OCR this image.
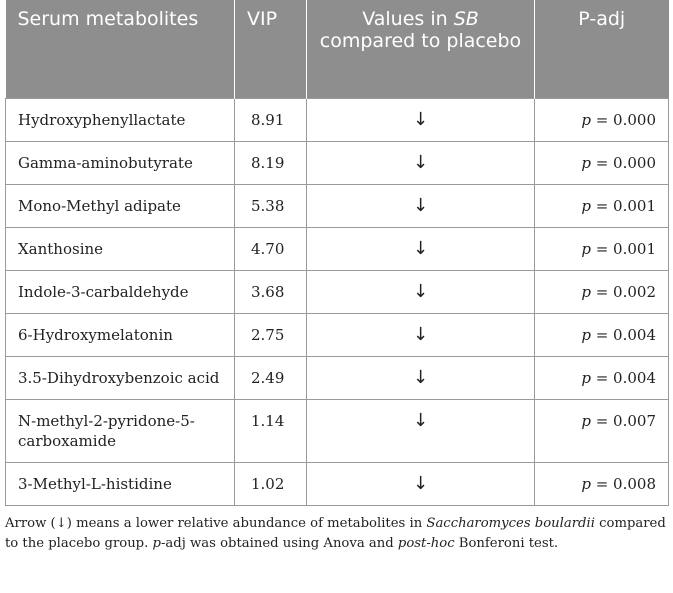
Serum metabolites	VIP	Values in SB compared to placebo	P-adj
Hydroxyphenyllactate	8.91	↓	p = 0.000
Gamma-aminobutyrate	8.19	↓	p = 0.000
Mono-Methyl adipate	5.38	↓	p = 0.001
Xanthosine	4.70	↓	p = 0.001
Indole-3-carbaldehyde	3.68	↓	p = 0.002
6-Hydroxymelatonin	2.75	↓	p = 0.004
3.5-Dihydroxybenzoic acid	2.49	↓	p = 0.004
N-methyl-2-pyridone-5-carboxamide	1.14	↓	p = 0.007
3-Methyl-L-histidine	1.02	↓	p = 0.008
Arrow (↓) means a lower relative abundance of metabolites in Saccharomyces boulardii compared to the placebo group. p-adj was obtained using Anova and post-hoc Bonferoni test.
